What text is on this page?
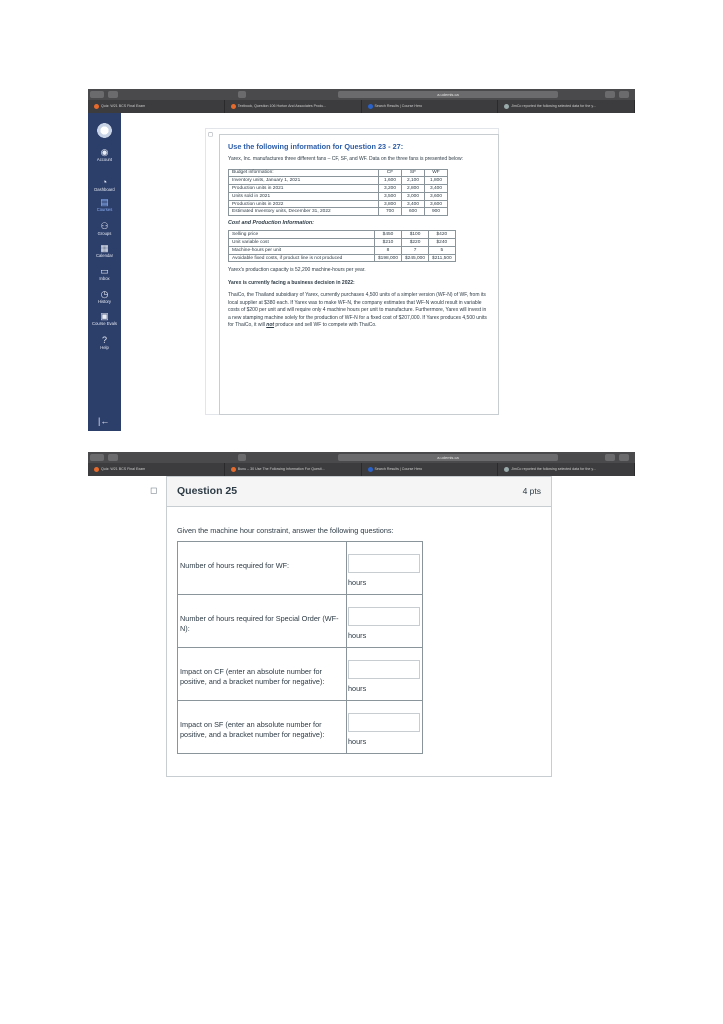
a.udemis.ca
Quiz: W21 BCS Final Exam	Textbook, Question 106 Horton And Associates Produ...	Search Results | Course Hero	JimCo reported the following selected data for the y...
◉
Account
◔
Dashboard
▤
Courses
⚇
Groups
▦
Calendar
▭
Inbox
◷
History
▣
Course Evals
?
Help
|←
◻
Use the following information for Question 23 - 27:
Yarex, Inc. manufactures three different fans – CF, SF, and WF. Data on the three fans is presented below:
Budget information:	CF	SF	WF
Inventory units, January 1, 2021	1,600	2,100	1,800
Production units in 2021	3,200	2,800	3,400
Units sold in 2021	3,500	3,000	3,600
Production units in 2022	3,800	3,400	3,600
Estimated Inventory units, December 31, 2022	700	600	900
Cost and Production Information:
Selling price	$450	$100	$420
Unit variable cost	$210	$220	$240
Machine-hours per unit	8	7	5
Avoidable fixed costs, if product line is not produced	$198,000	$245,000	$211,500
Yarex's production capacity is 52,200 machine-hours per year.
Yarex is currently facing a business decision in 2022:
ThaiCo, the Thailand subsidiary of Yarex, currently purchases 4,500 units of a simpler version (WF-N) of WF, from its local supplier at $380 each. If Yarex was to make WF-N, the company estimates that WF-N would result in variable costs of $200 per unit and will require only 4 machine hours per unit to manufacture. Furthermore, Yarex will invest in a new stamping machine solely for the production of WF-N for a fixed cost of $207,000. If Yarex produces 4,500 units for ThaiCo, it will not produce and sell WF to compete with ThaiCo.
a.udemis.ca
Quiz: W21 BCS Final Exam	Bunu – 30 Use The Following Information For Questi...	Search Results | Course Hero	JimCo reported the following selected data for the y...
◻ Question 25	4 pts
Given the machine hour constraint, answer the following questions:
Number of hours required for WF:	hours

Number of hours required for Special Order (WF-N):	hours

Impact on CF (enter an absolute number for positive, and a bracket number for negative):	hours

Impact on SF (enter an absolute number for positive, and a bracket number for negative):	hours
